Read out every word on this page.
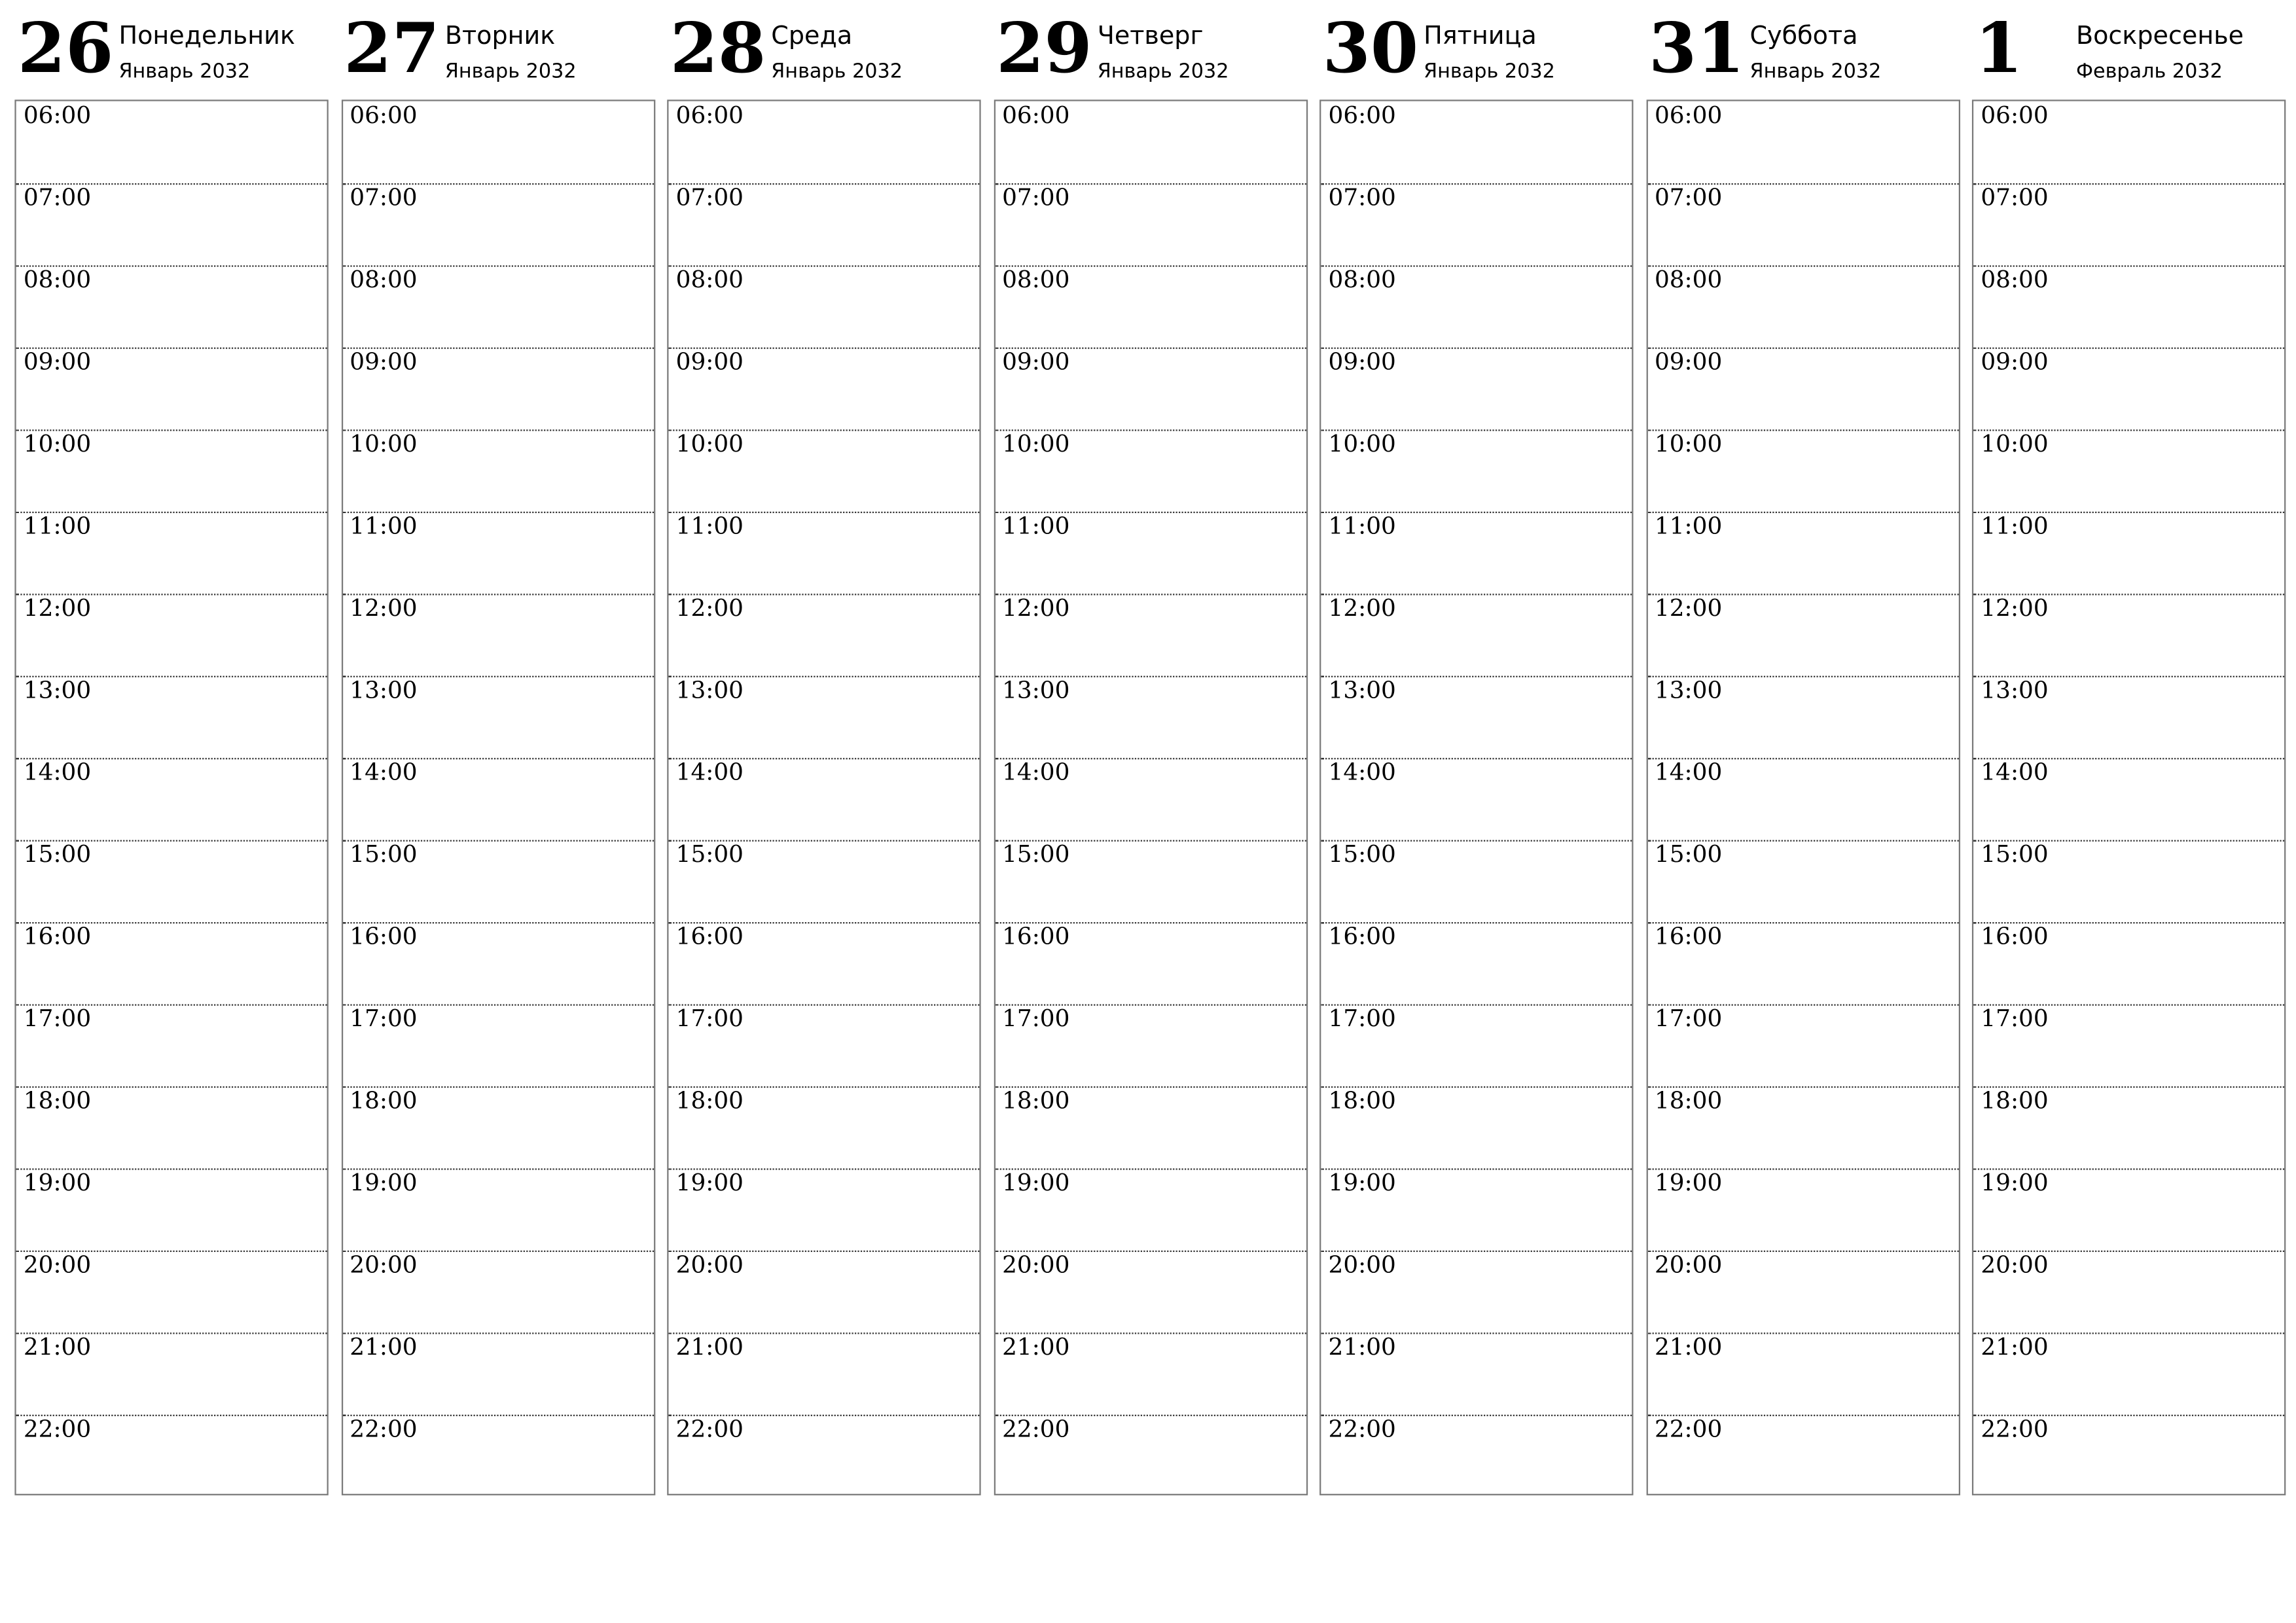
26 Понедельник
Январь 2032
06:00
07:00
08:00
09:00
10:00
11:00
12:00
13:00
14:00
15:00
16:00
17:00
18:00
19:00
20:00
21:00
22:00
27 Вторник
Январь 2032
06:00
07:00
08:00
09:00
10:00
11:00
12:00
13:00
14:00
15:00
16:00
17:00
18:00
19:00
20:00
21:00
22:00
28 Среда
Январь 2032
06:00
07:00
08:00
09:00
10:00
11:00
12:00
13:00
14:00
15:00
16:00
17:00
18:00
19:00
20:00
21:00
22:00
29 Четверг
Январь 2032
06:00
07:00
08:00
09:00
10:00
11:00
12:00
13:00
14:00
15:00
16:00
17:00
18:00
19:00
20:00
21:00
22:00
30 Пятница
Январь 2032
06:00
07:00
08:00
09:00
10:00
11:00
12:00
13:00
14:00
15:00
16:00
17:00
18:00
19:00
20:00
21:00
22:00
31 Суббота
Январь 2032
06:00
07:00
08:00
09:00
10:00
11:00
12:00
13:00
14:00
15:00
16:00
17:00
18:00
19:00
20:00
21:00
22:00
1	Воскресенье
Февраль 2032
06:00
07:00
08:00
09:00
10:00
11:00
12:00
13:00
14:00
15:00
16:00
17:00
18:00
19:00
20:00
21:00
22:00
